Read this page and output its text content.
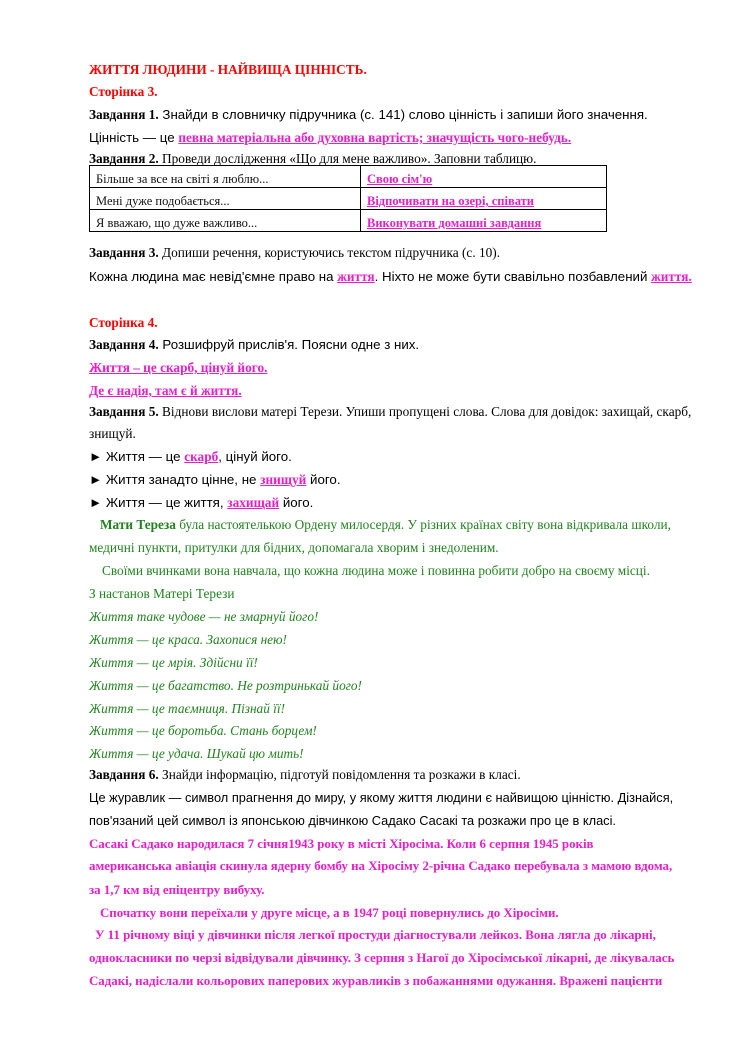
ЖИТТЯ ЛЮДИНИ - НАЙВИЩА ЦІННІСТЬ.
Сторінка 3.
Завдання 1. Знайди в словничку підручника (с. 141) слово цінність і запиши його значення.
Цінність — це певна матеріальна або духовна вартість; значущість чого-небудь.
Завдання 2. Проведи дослідження «Що для мене важливо». Заповни таблицю.
Більше за все на світі я люблю...	Свою сім'ю
Мені дуже подобається...	Відпочивати на озері, співати
Я вважаю, що дуже важливо...	Виконувати домашні завдання
Завдання 3. Допиши речення, користуючись текстом підручника (с. 10).
Кожна людина має невід'ємне право на життя. Ніхто не може бути свавільно позбавлений життя.
Сторінка 4.
Завдання 4. Розшифруй прислів'я. Поясни одне з них.
Життя – це скарб, цінуй його.
Де є надія, там є й життя.
Завдання 5. Віднови вислови матері Терези. Упиши пропущені слова. Слова для довідок: захищай, скарб,
знищуй.
► Життя — це скарб, цінуй його.
► Життя занадто цінне, не знищуй його.
► Життя — це життя, захищай його.
Мати Тереза була настоятелькою Ордену милосердя. У різних країнах світу вона відкривала школи,
медичні пункти, притулки для бідних, допомагала хворим і знедоленим.
Своїми вчинками вона навчала, що кожна людина може і повинна робити добро на своєму місці.
З настанов Матері Терези
Життя таке чудове — не змарнуй його!
Життя — це краса. Захопися нею!
Життя — це мрія. Здійсни її!
Життя — це багатство. Не розтринькай його!
Життя — це таємниця. Пізнай її!
Життя — це боротьба. Стань борцем!
Життя — це удача. Шукай цю мить!
Завдання 6. Знайди інформацію, підготуй повідомлення та розкажи в класі.
Це журавлик — символ прагнення до миру, у якому життя людини є найвищою цінністю. Дізнайся,
пов'язаний цей символ із японською дівчинкою Садако Сасакі та розкажи про це в класі.
Сасакі Садако народилася 7 січня1943 року в місті Хіросіма. Коли 6 серпня 1945 років
американська авіація скинула ядерну бомбу на Хіросіму 2-річна Садако перебувала з мамою вдома,
за 1,7 км від епіцентру вибуху.
Спочатку вони переїхали у друге місце, а в 1947 році повернулись до Хіросіми.
У 11 річному віці у дівчинки після легкої простуди діагностували лейкоз. Вона лягла до лікарні,
однокласники по черзі відвідували дівчинку. З серпня з Нагої до Хіросімської лікарні, де лікувалась
Садакі, надіслали кольорових паперових журавликів з побажаннями одужання. Вражені пацієнти
